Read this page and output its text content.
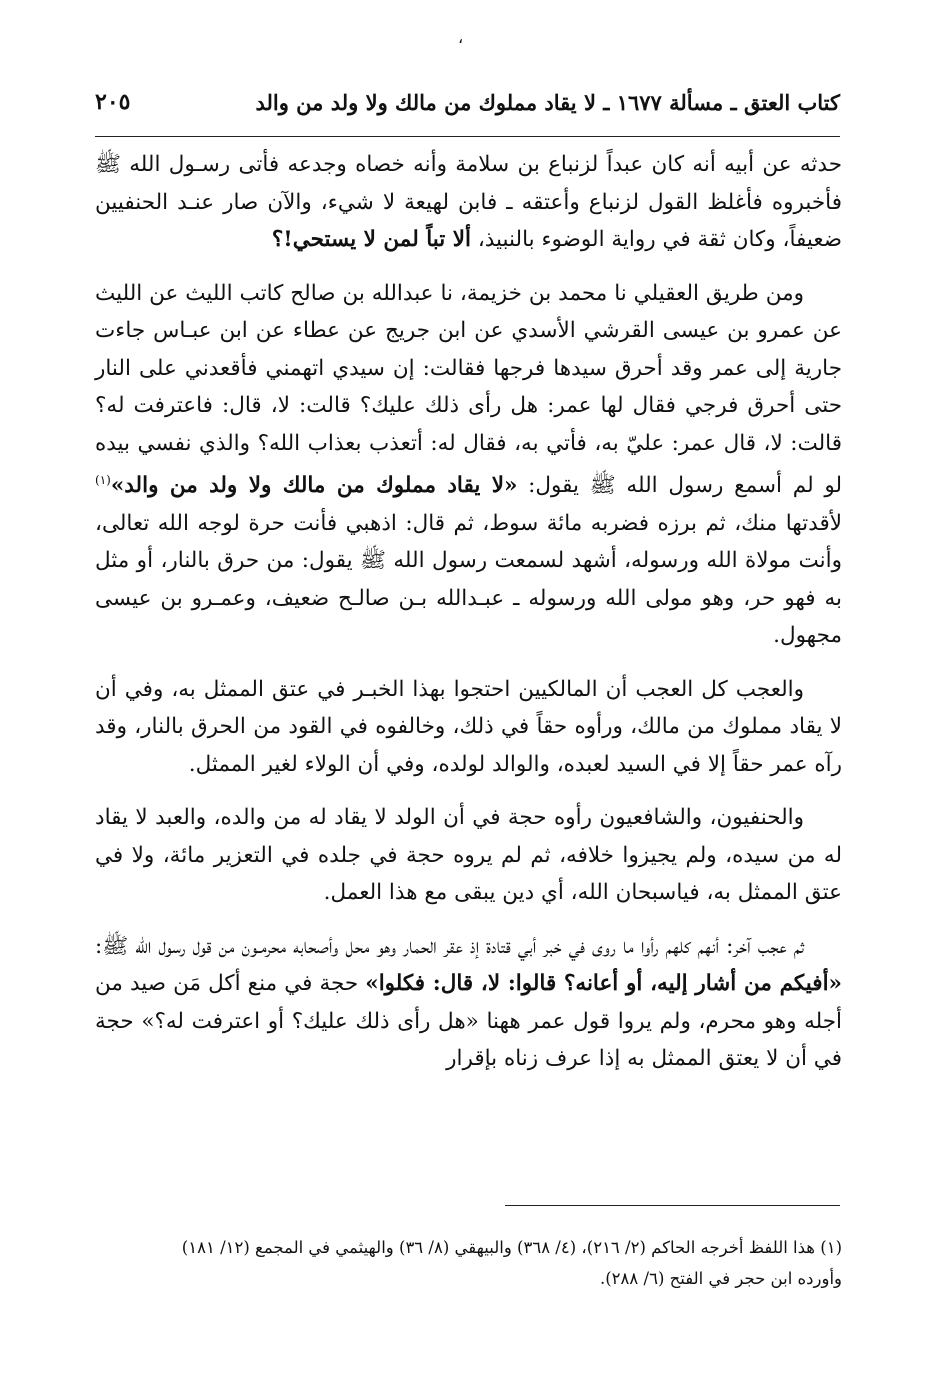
،
كتاب العتق ـ مسألة ١٦٧٧ ـ لا يقاد مملوك من مالك ولا ولد من والد
٢٠٥

حدثه عن أبيه أنه كان عبداً لزنباع بن سلامة وأنه خصاه وجدعه فأتى رسـول الله ﷺ فأخبروه فأغلظ القول لزنباع وأعتقه ـ فابن لهيعة لا شيء، والآن صار عنـد الحنفيين ضعيفاً، وكان ثقة في رواية الوضوء بالنبيذ، ألا تباً لمن لا يستحي!؟

ومن طريق العقيلي نا محمد بن خزيمة، نا عبدالله بن صالح كاتب الليث عن الليث عن عمرو بن عيسى القرشي الأسدي عن ابن جريج عن عطاء عن ابن عبـاس جاءت جارية إلى عمر وقد أحرق سيدها فرجها فقالت: إن سيدي اتهمني فأقعدني على النار حتى أحرق فرجي فقال لها عمر: هل رأى ذلك عليك؟ قالت: لا، قال: فاعترفت له؟ قالت: لا، قال عمر: عليّ به، فأتي به، فقال له: أتعذب بعذاب الله؟ والذي نفسي بيده لو لم أسمع رسول الله ﷺ يقول: «لا يقاد مملوك من مالك ولا ولد من والد»$^{(١)}$ لأقدتها منك، ثم برزه فضربه مائة سوط، ثم قال: اذهبي فأنت حرة لوجه الله تعالى، وأنت مولاة الله ورسوله، أشهد لسمعت رسول الله ﷺ يقول: من حرق بالنار، أو مثل به فهو حر، وهو مولى الله ورسوله ـ عبـدالله بـن صالـح ضعيف، وعمـرو بن عيسى مجهول.

والعجب كل العجب أن المالكيين احتجوا بهذا الخبـر في عتق الممثل به، وفي أن لا يقاد مملوك من مالك، ورأوه حقاً في ذلك، وخالفوه في القود من الحرق بالنار، وقد رآه عمر حقاً إلا في السيد لعبده، والوالد لولده، وفي أن الولاء لغير الممثل.

والحنفيون، والشافعيون رأوه حجة في أن الولد لا يقاد له من والده، والعبد لا يقاد له من سيده، ولم يجيزوا خلافه، ثم لم يروه حجة في جلده في التعزير مائة، ولا في عتق الممثل به، فياسبحان الله، أي دين يبقى مع هذا العمل.

ثم عجب آخر: أنهم كلهم رأوا ما روى في خبر أبي قتادة إذ عقر الحمار وهو محل وأصحابه محرمـون من قول رسول الله ﷺ: «أفيكم من أشار إليه، أو أعانه؟ قالوا: لا، قال: فكلوا» حجة في منع أكل مَن صيد من أجله وهو محرم، ولم يروا قول عمر ههنا «هل رأى ذلك عليك؟ أو اعترفت له؟» حجة في أن لا يعتق الممثل به إذا عرف زناه بإقرار

(١) هذا اللفظ أخرجه الحاكم (٢/ ٢١٦)، (٤/ ٣٦٨) والبيهقي (٨/ ٣٦) والهيثمي في المجمع (١٢/ ١٨١)

وأورده ابن حجر في الفتح (٦/ ٢٨٨).
